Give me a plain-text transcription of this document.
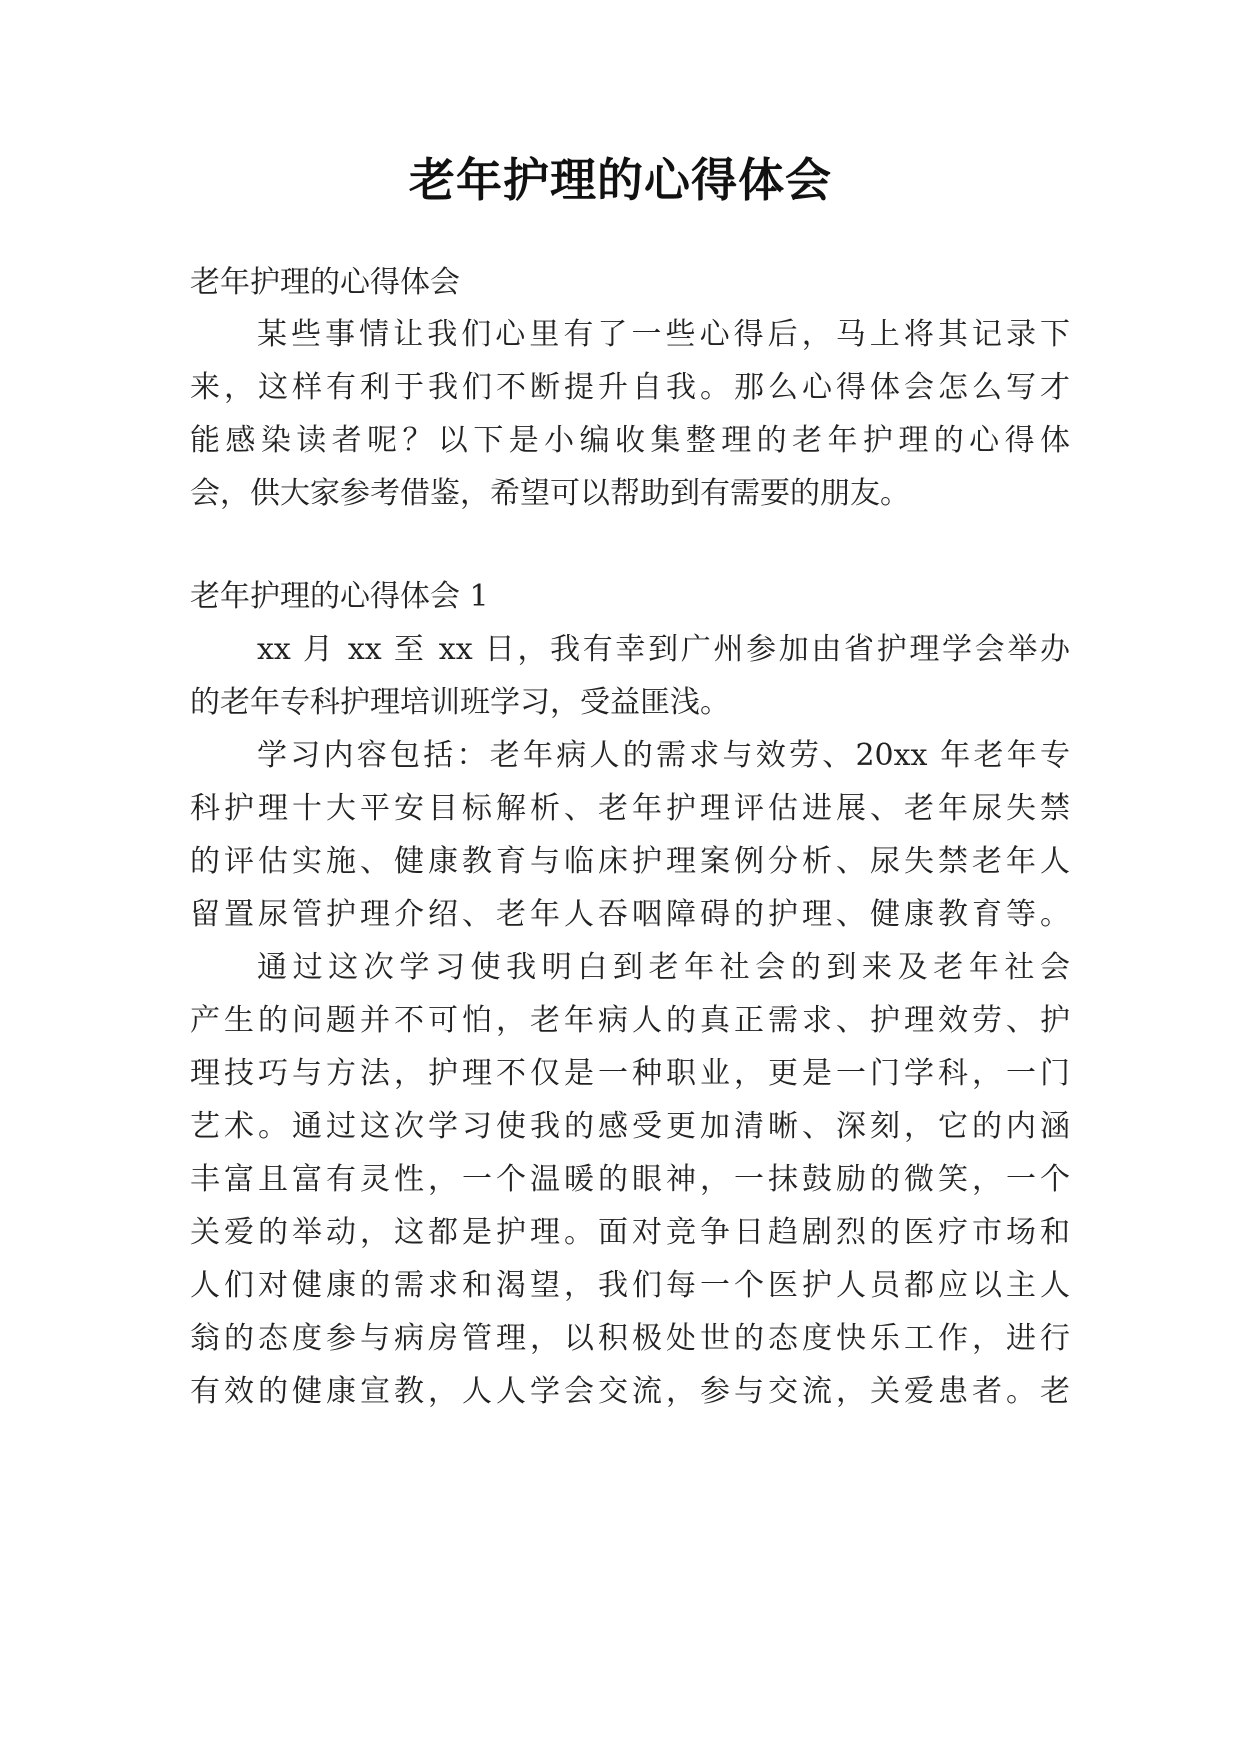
老年护理的心得体会
老年护理的心得体会
某些事情让我们心里有了一些心得后，马上将其记录下
来，这样有利于我们不断提升自我。那么心得体会怎么写才
能感染读者呢？以下是小编收集整理的老年护理的心得体
会，供大家参考借鉴，希望可以帮助到有需要的朋友。
老年护理的心得体会 1
xx 月 xx 至 xx 日，我有幸到广州参加由省护理学会举办
的老年专科护理培训班学习，受益匪浅。
学习内容包括：老年病人的需求与效劳、20xx 年老年专
科护理十大平安目标解析、老年护理评估进展、老年尿失禁
的评估实施、健康教育与临床护理案例分析、尿失禁老年人
留置尿管护理介绍、老年人吞咽障碍的护理、健康教育等。
通过这次学习使我明白到老年社会的到来及老年社会
产生的问题并不可怕，老年病人的真正需求、护理效劳、护
理技巧与方法，护理不仅是一种职业，更是一门学科，一门
艺术。通过这次学习使我的感受更加清晰、深刻，它的内涵
丰富且富有灵性，一个温暖的眼神，一抹鼓励的微笑，一个
关爱的举动，这都是护理。面对竞争日趋剧烈的医疗市场和
人们对健康的需求和渴望，我们每一个医护人员都应以主人
翁的态度参与病房管理，以积极处世的态度快乐工作，进行
有效的健康宣教，人人学会交流，参与交流，关爱患者。老
